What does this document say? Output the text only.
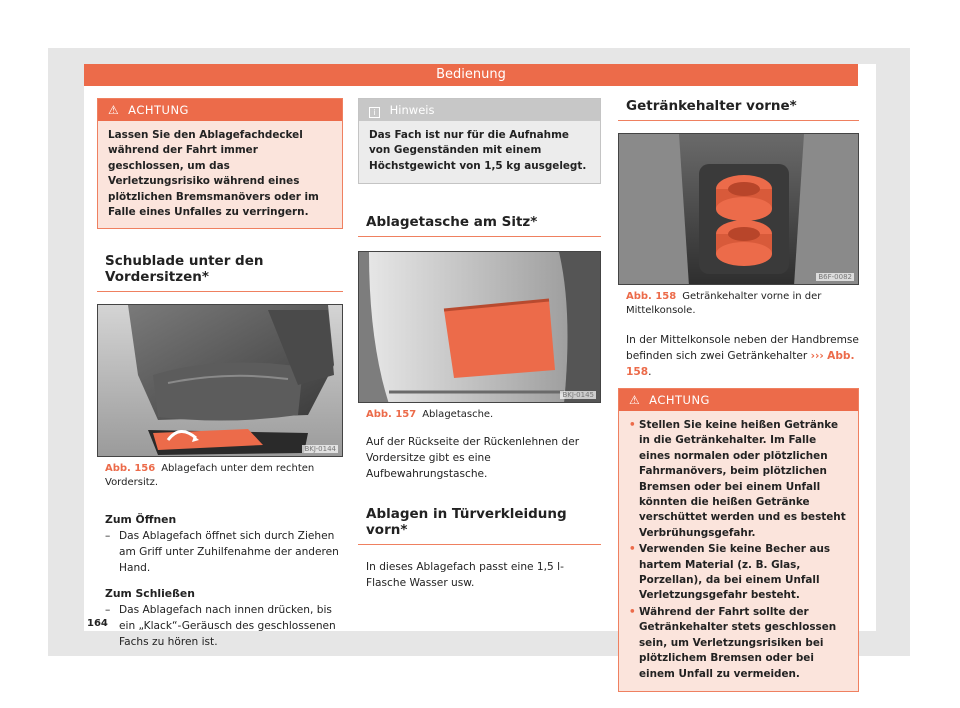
Bedienung
⚠ ACHTUNG
Lassen Sie den Ablagefachdeckel während der Fahrt immer geschlossen, um das Verletzungsrisiko während eines plötzlichen Bremsmanövers oder im Falle eines Unfalles zu verringern.
Schublade unter den Vordersitzen*
BKJ-0144
Abb. 156 Ablagefach unter dem rechten Vordersitz.
Zum Öffnen
– Das Ablagefach öffnet sich durch Ziehen am Griff unter Zuhilfenahme der anderen Hand.
Zum Schließen
– Das Ablagefach nach innen drücken, bis ein „Klack“-Geräusch des geschlossenen Fachs zu hören ist.
i Hinweis
Das Fach ist nur für die Aufnahme von Gegenständen mit einem Höchstgewicht von 1,5 kg ausgelegt.
Ablagetasche am Sitz*
BKJ-0145
Abb. 157 Ablagetasche.
Auf der Rückseite der Rückenlehnen der Vordersitze gibt es eine Aufbewahrungstasche.
Ablagen in Türverkleidung vorn*
In dieses Ablagefach passt eine 1,5 l-Flasche Wasser usw.
Getränkehalter vorne*
B6F-0082
Abb. 158 Getränkehalter vorne in der Mittelkonsole.
In der Mittelkonsole neben der Handbremse befinden sich zwei Getränkehalter ››› Abb. 158.
⚠ ACHTUNG
• Stellen Sie keine heißen Getränke in die Getränkehalter. Im Falle eines normalen oder plötzlichen Fahrmanövers, beim plötzlichen Bremsen oder bei einem Unfall könnten die heißen Getränke verschüttet werden und es besteht Verbrühungsgefahr.
• Verwenden Sie keine Becher aus hartem Material (z. B. Glas, Porzellan), da bei einem Unfall Verletzungsgefahr besteht.
• Während der Fahrt sollte der Getränkehalter stets geschlossen sein, um Verletzungsrisiken bei plötzlichem Bremsen oder bei einem Unfall zu vermeiden.
164
